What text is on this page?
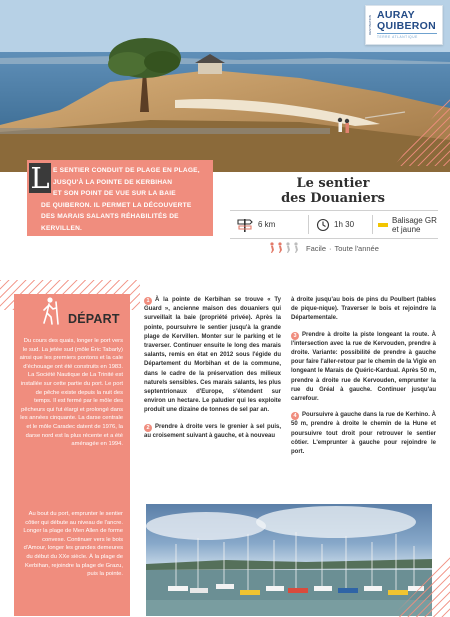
DESTINATION
AURAY
QUIBERON
TERRE ATLANTIQUE
L E SENTIER CONDUIT DE PLAGE EN PLAGE,
JUSQU'À LA POINTE DE KERBIHAN
ET SON POINT DE VUE SUR LA BAIE
DE QUIBERON. IL PERMET LA DÉCOUVERTE
DES MARAIS SALANTS RÉHABILITÉS DE KERVILLEN.
Le sentier
des Douaniers
6 km	1h 30	Balisage GR
et jaune
Facile · Toute l'année
DÉPART
Du cours des quais, longer le port vers le sud. La jetée sud (môle Éric Tabarly) ainsi que les premiers pontons et la cale d'échouage ont été construits en 1983. La Société Nautique de La Trinité est installée sur cette partie du port. Le port de pêche existe depuis la nuit des temps. Il est fermé par le môle des pêcheurs qui fut élargi et prolongé dans les années cinquante. La darse centrale et le môle Caradec datent de 1976, la darse nord est la plus récente et a été aménagée en 1994.
Au bout du port, emprunter le sentier côtier qui débute au niveau de l'ancre. Longer la plage de Men Allen de forme convexe. Continuer vers le bois d'Amour, longer les grandes demeures du début du XXe siècle. À la plage de Kerbihan, rejoindre la plage de Grazu, puis la pointe.

1 À la pointe de Kerbihan se trouve « Ty Guard », ancienne maison des douaniers qui surveillait la baie (propriété privée). Après la pointe, poursuivre le sentier jusqu'à la grande plage de Kervillen. Monter sur le parking et le traverser. Continuer ensuite le long des marais salants, remis en état en 2012 sous l'égide du Département du Morbihan et de la commune, dans le cadre de la préservation des milieux naturels sensibles. Ces marais salants, les plus septentrionaux d'Europe, s'étendent sur environ un hectare. Le paludier qui les exploite produit une dizaine de tonnes de sel par an.

2 Prendre à droite vers le grenier à sel puis, au croisement suivant à gauche, et à nouveau

à droite jusqu'au bois de pins du Poulbert (tables de pique-nique). Traverser le bois et rejoindre la Départementale.

3 Prendre à droite la piste longeant la route. À l'intersection avec la rue de Kervouden, prendre à droite. Variante: possibilité de prendre à gauche pour faire l'aller-retour par le chemin de la Vigie en longeant le Marais de Quéric-Kardual. Après 50 m, prendre à droite rue de Kervouden, emprunter la rue du Gréal à gauche. Continuer jusqu'au carrefour.

4 Poursuivre à gauche dans la rue de Kerhino. À 50 m, prendre à droite le chemin de la Hune et poursuivre tout droit pour retrouver le sentier côtier. L'emprunter à gauche pour rejoindre le port.
